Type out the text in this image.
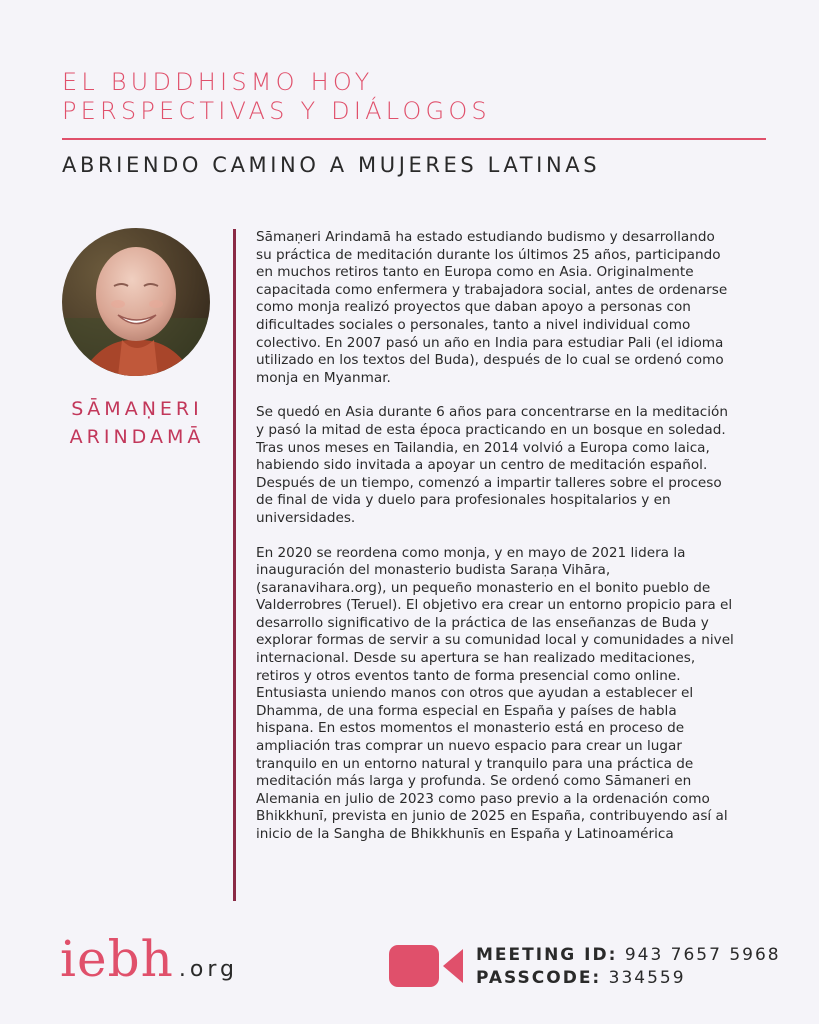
EL BUDDHISMO HOY
PERSPECTIVAS Y DIÁLOGOS
ABRIENDO CAMINO A MUJERES LATINAS
SĀMAṆERI
ARINDAMĀ

Sāmaṇeri Arindamā ha estado estudiando budismo y desarrollando
su práctica de meditación durante los últimos 25 años, participando
en muchos retiros tanto en Europa como en Asia. Originalmente
capacitada como enfermera y trabajadora social, antes de ordenarse
como monja realizó proyectos que daban apoyo a personas con
dificultades sociales o personales, tanto a nivel individual como
colectivo. En 2007 pasó un año en India para estudiar Pali (el idioma
utilizado en los textos del Buda), después de lo cual se ordenó como
monja en Myanmar.

Se quedó en Asia durante 6 años para concentrarse en la meditación
y pasó la mitad de esta época practicando en un bosque en soledad.
Tras unos meses en Tailandia, en 2014 volvió a Europa como laica,
habiendo sido invitada a apoyar un centro de meditación español.
Después de un tiempo, comenzó a impartir talleres sobre el proceso
de final de vida y duelo para profesionales hospitalarios y en
universidades.

En 2020 se reordena como monja, y en mayo de 2021 lidera la
inauguración del monasterio budista Saraṇa Vihāra,
(saranavihara.org), un pequeño monasterio en el bonito pueblo de
Valderrobres (Teruel). El objetivo era crear un entorno propicio para el
desarrollo significativo de la práctica de las enseñanzas de Buda y
explorar formas de servir a su comunidad local y comunidades a nivel
internacional. Desde su apertura se han realizado meditaciones,
retiros y otros eventos tanto de forma presencial como online.
Entusiasta uniendo manos con otros que ayudan a establecer el
Dhamma, de una forma especial en España y países de habla
hispana. En estos momentos el monasterio está en proceso de
ampliación tras comprar un nuevo espacio para crear un lugar
tranquilo en un entorno natural y tranquilo para una práctica de
meditación más larga y profunda. Se ordenó como Sāmaneri en
Alemania en julio de 2023 como paso previo a la ordenación como
Bhikkhunī, prevista en junio de 2025 en España, contribuyendo así al
inicio de la Sangha de Bhikkhunīs en España y Latinoamérica

iebh .org
MEETING ID: 943 7657 5968
PASSCODE: 334559
